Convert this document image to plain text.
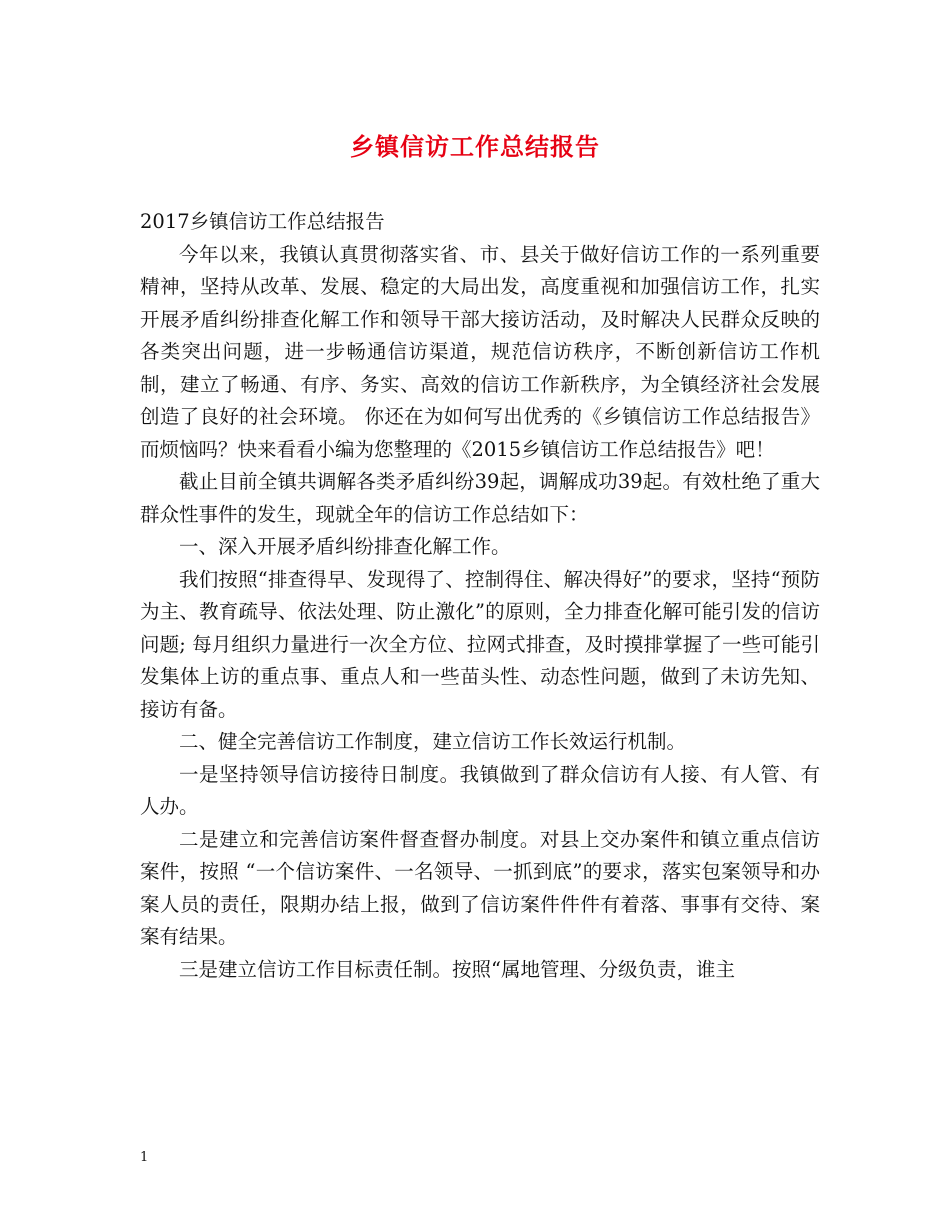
乡镇信访工作总结报告

2017乡镇信访工作总结报告

今年以来，我镇认真贯彻落实省、市、县关于做好信访工作的一系列重要精神，坚持从改革、发展、稳定的大局出发，高度重视和加强信访工作，扎实开展矛盾纠纷排查化解工作和领导干部大接访活动，及时解决人民群众反映的各类突出问题，进一步畅通信访渠道，规范信访秩序，不断创新信访工作机制，建立了畅通、有序、务实、高效的信访工作新秩序，为全镇经济社会发展创造了良好的社会环境。 你还在为如何写出优秀的《乡镇信访工作总结报告》而烦恼吗？快来看看小编为您整理的《2015乡镇信访工作总结报告》吧！

截止目前全镇共调解各类矛盾纠纷39起，调解成功39起。有效杜绝了重大群众性事件的发生，现就全年的信访工作总结如下：

一、深入开展矛盾纠纷排查化解工作。

我们按照“排查得早、发现得了、控制得住、解决得好”的要求，坚持“预防为主、教育疏导、依法处理、防止激化”的原则，全力排查化解可能引发的信访问题; 每月组织力量进行一次全方位、拉网式排查，及时摸排掌握了一些可能引发集体上访的重点事、重点人和一些苗头性、动态性问题，做到了未访先知、接访有备。

二、健全完善信访工作制度，建立信访工作长效运行机制。

一是坚持领导信访接待日制度。我镇做到了群众信访有人接、有人管、有人办。

二是建立和完善信访案件督查督办制度。对县上交办案件和镇立重点信访案件，按照 “一个信访案件、一名领导、一抓到底”的要求，落实包案领导和办案人员的责任，限期办结上报，做到了信访案件件件有着落、事事有交待、案案有结果。

三是建立信访工作目标责任制。按照“属地管理、分级负责，谁主

1
